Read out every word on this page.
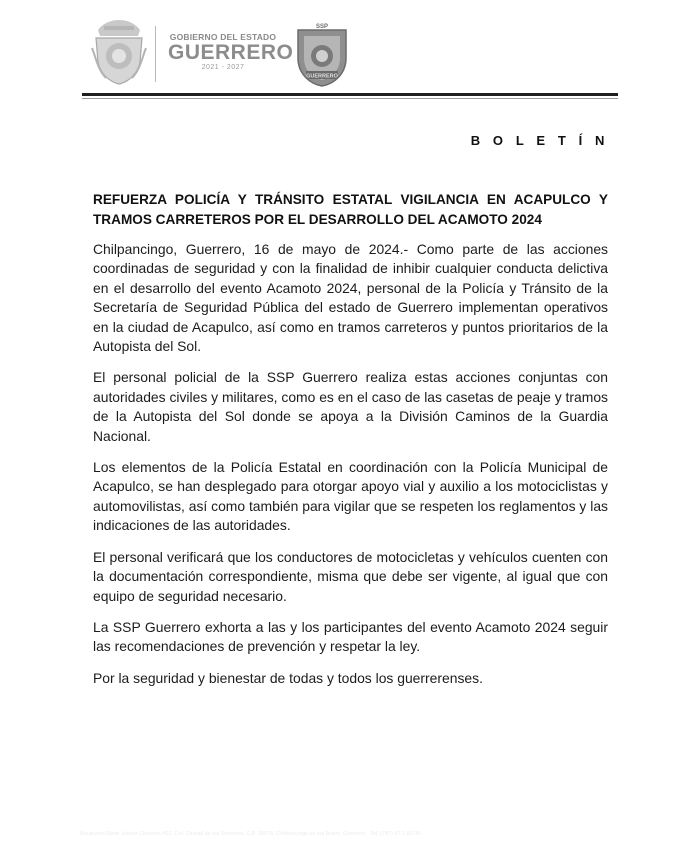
GOBIERNO DEL ESTADO
GUERRERO
2021 - 2027
SSP
GUERRERO
B O L E T Í N

REFUERZA POLICÍA Y TRÁNSITO ESTATAL VIGILANCIA EN ACAPULCO Y TRAMOS CARRETEROS POR EL DESARROLLO DEL ACAMOTO 2024

Chilpancingo, Guerrero, 16 de mayo de 2024.- Como parte de las acciones coordinadas de seguridad y con la finalidad de inhibir cualquier conducta delictiva en el desarrollo del evento Acamoto 2024, personal de la Policía y Tránsito de la Secretaría de Seguridad Pública del estado de Guerrero implementan operativos en la ciudad de Acapulco, así como en tramos carreteros y puntos prioritarios de la Autopista del Sol.

El personal policial de la SSP Guerrero realiza estas acciones conjuntas con autoridades civiles y militares, como es en el caso de las casetas de peaje y tramos de la Autopista del Sol donde se apoya a la División Caminos de la Guardia Nacional.

Los elementos de la Policía Estatal en coordinación con la Policía Municipal de Acapulco, se han desplegado para otorgar apoyo vial y auxilio a los motociclistas y automovilistas, así como también para vigilar que se respeten los reglamentos y las indicaciones de las autoridades.

El personal verificará que los conductores de motocicletas y vehículos cuenten con la documentación correspondiente, misma que debe ser vigente, al igual que con equipo de seguridad necesario.

La SSP Guerrero exhorta a las y los participantes del evento Acamoto 2024 seguir las recomendaciones de prevención y respetar la ley.

Por la seguridad y bienestar de todas y todos los guerrerenses.

Boulevard René Juárez Cisneros #62, Col. Ciudad de los Servicios, C.P. 39074, Chilpancingo de los Bravo, Guerrero · Tel. (747) 47 1 81 00
